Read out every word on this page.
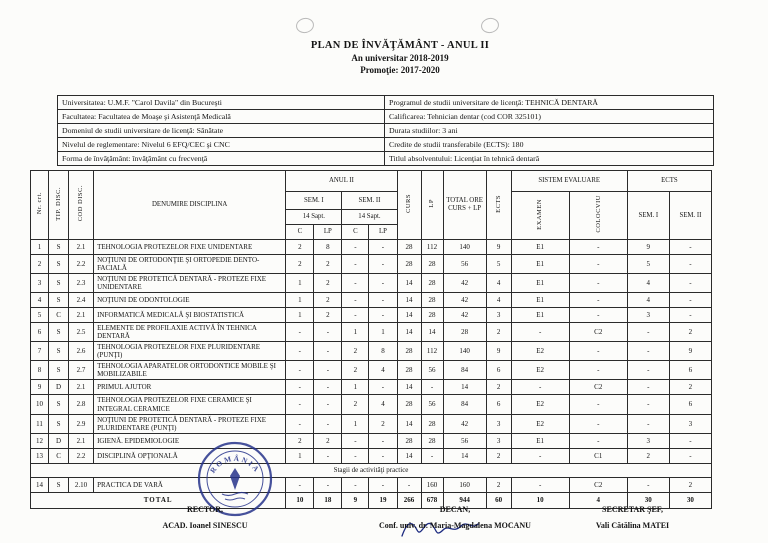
PLAN DE ÎNVĂŢĂMÂNT - ANUL II
An universitar 2018-2019
Promoţie: 2017-2020
Universitatea: U.M.F. "Carol Davila" din Bucureşti	Programul de studii universitare de licenţă: TEHNICĂ DENTARĂ
Facultatea: Facultatea de Moaşe şi Asistenţă Medicală	Calificarea: Tehnician dentar (cod COR 325101)
Domeniul de studii universitare de licenţă: Sănătate	Durata studiilor: 3 ani
Nivelul de reglementare: Nivelul 6 EFQ/CEC şi CNC	Credite de studii transferabile (ECTS): 180
Forma de învăţământ: învăţământ cu frecvenţă	Titlul absolventului: Licenţiat în tehnică dentară
Nr. crt.	TIP. DISC.	COD DISC.	DENUMIRE DISCIPLINA	ANUL II				CURS	LP	TOTAL ORE CURS + LP	ECTS	SISTEM EVALUARE		ECTS	
				SEM. I		SEM. II						EXAMEN	COLOCVIU	SEM. I	SEM. II
				14 Sapt.		14 Sapt.									
				C	LP	C	LP								
1	S	2.1	TEHNOLOGIA PROTEZELOR FIXE UNIDENTARE	2	8	-	-	28	112	140	9	E1	-	9	-
2	S	2.2	NOŢIUNI DE ORTODONŢIE ŞI ORTOPEDIE DENTO-FACIALĂ	2	2	-	-	28	28	56	5	E1	-	5	-
3	S	2.3	NOŢIUNI DE PROTETICĂ DENTARĂ - PROTEZE FIXE UNIDENTARE	1	2	-	-	14	28	42	4	E1	-	4	-
4	S	2.4	NOŢIUNI DE ODONTOLOGIE	1	2	-	-	14	28	42	4	E1	-	4	-
5	C	2.1	INFORMATICĂ MEDICALĂ ŞI BIOSTATISTICĂ	1	2	-	-	14	28	42	3	E1	-	3	-
6	S	2.5	ELEMENTE DE PROFILAXIE ACTIVĂ ÎN TEHNICA DENTARĂ	-	-	1	1	14	14	28	2	-	C2	-	2
7	S	2.6	TEHNOLOGIA PROTEZELOR FIXE PLURIDENTARE (PUNŢI)	-	-	2	8	28	112	140	9	E2	-	-	9
8	S	2.7	TEHNOLOGIA APARATELOR ORTODONTICE MOBILE ŞI MOBILIZABILE	-	-	2	4	28	56	84	6	E2	-	-	6
9	D	2.1	PRIMUL AJUTOR	-	-	1	-	14	-	14	2	-	C2	-	2
10	S	2.8	TEHNOLOGIA PROTEZELOR FIXE CERAMICE ŞI INTEGRAL CERAMICE	-	-	2	4	28	56	84	6	E2	-	-	6
11	S	2.9	NOŢIUNI DE PROTETICĂ DENTARĂ - PROTEZE FIXE PLURIDENTARE (PUNŢI)	-	-	1	2	14	28	42	3	E2	-	-	3
12	D	2.1	IGIENĂ. EPIDEMIOLOGIE	2	2	-	-	28	28	56	3	E1	-	3	-
13	C	2.2	DISCIPLINĂ OPŢIONALĂ	1	-	-	-	14	-	14	2	-	C1	2	-
Stagii de activităţi practice															
14	S	2.10	PRACTICA DE VARĂ	-	-	-	-	-	160	160	2	-	C2	-	2
TOTAL				10	18	9	19	266	678	944	60	10	4	30	30
ROMÂNIA
RECTOR,
ACAD. Ioanel SINESCU
DECAN,
Conf. univ. dr. Maria-Magdalena MOCANU
SECRETAR ŞEF,
Vali Cătălina MATEI
